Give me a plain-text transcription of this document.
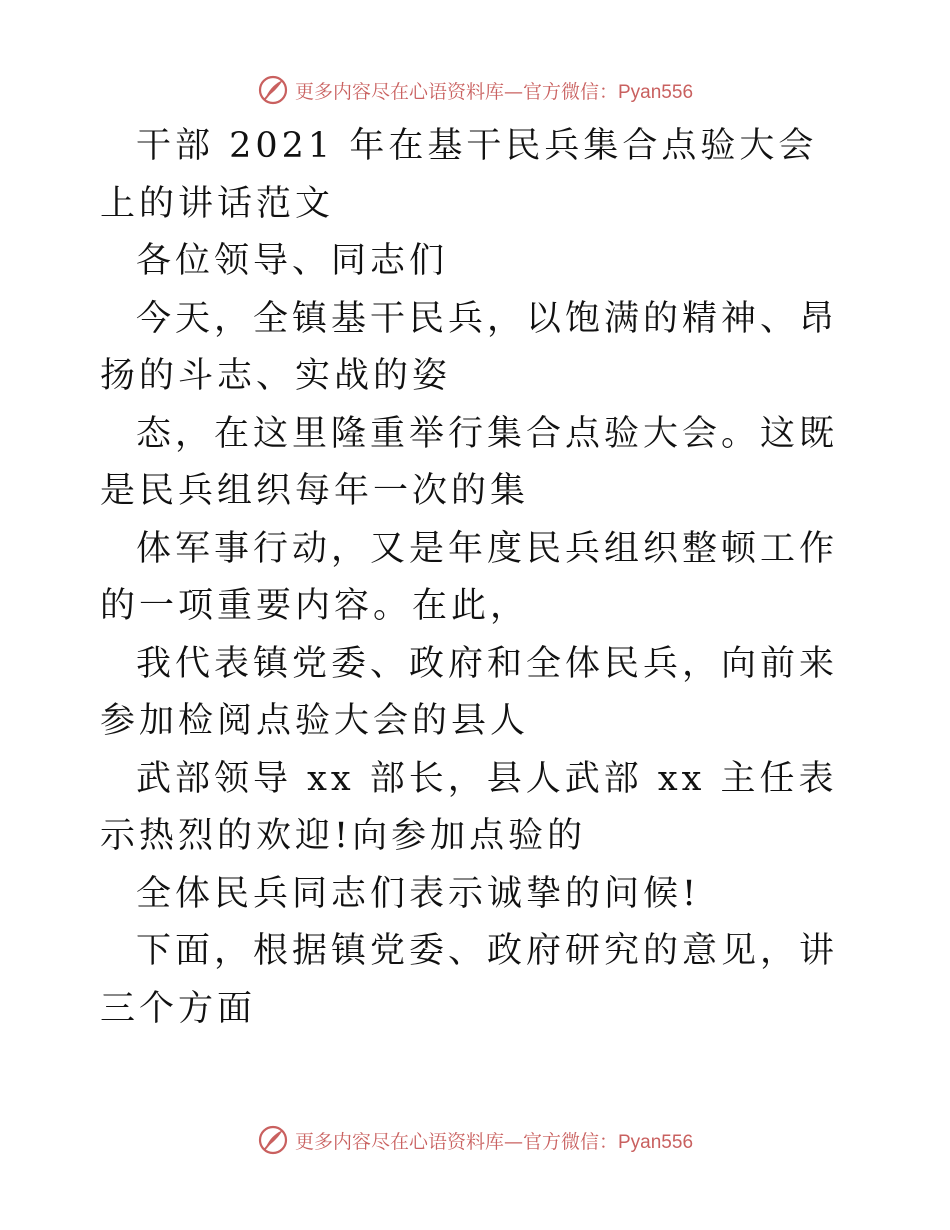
更多内容尽在心语资料库—官方微信：Pyan556

干部 2021 年在基干民兵集合点验大会上的讲话范文

各位领导、同志们

今天，全镇基干民兵，以饱满的精神、昂扬的斗志、实战的姿

态，在这里隆重举行集合点验大会。这既是民兵组织每年一次的集

体军事行动，又是年度民兵组织整顿工作的一项重要内容。在此，

我代表镇党委、政府和全体民兵，向前来参加检阅点验大会的县人

武部领导 xx 部长，县人武部 xx 主任表示热烈的欢迎!向参加点验的

全体民兵同志们表示诚挚的问候!

下面，根据镇党委、政府研究的意见，讲三个方面

更多内容尽在心语资料库—官方微信：Pyan556
